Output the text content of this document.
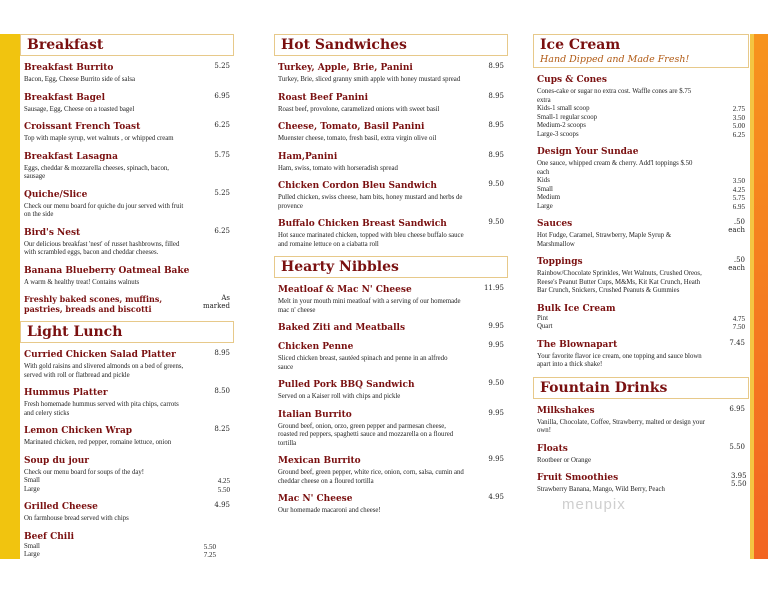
Breakfast
Breakfast Burrito	5.25
Bacon, Egg, Cheese Burrito side of salsa
Breakfast Bagel	6.95
Sausage, Egg, Cheese on a toasted bagel
Croissant French Toast	6.25
Top with maple syrup, wet walnuts , or whipped cream
Breakfast Lasagna	5.75
Eggs, cheddar & mozzarella cheeses, spinach, bacon, sausage
Quiche/Slice	5.25
Check our menu board for quiche du jour served with fruit on the side
Bird's Nest	6.25
Our delicious breakfast 'nest' of russet hashbrowns, filled with scrambled eggs, bacon and cheddar cheeses.
Banana Blueberry Oatmeal Bake
A warm & healthy treat! Contains walnuts
Freshly baked scones, muffins, pastries, breads and biscotti
As marked
Light Lunch
Curried Chicken Salad Platter	8.95
With gold raisins and slivered almonds on a bed of greens, served with roll or flatbread and pickle
Hummus Platter	8.50
Fresh homemade hummus served with pita chips, carrots and celery sticks
Lemon Chicken Wrap	8.25
Marinated chicken, red pepper, romaine lettuce, onion
Soup du jour
Check our menu board for soups of the day!
Small	4.25
Large	5.50
Grilled Cheese	4.95
On farmhouse bread served with chips
Beef Chili
Small	5.50
Large	7.25
Hot Sandwiches
Turkey, Apple, Brie, Panini	8.95
Turkey, Brie, sliced granny smith apple with honey mustard spread
Roast Beef Panini	8.95
Roast beef, provolone, caramelized onions with sweet basil
Cheese, Tomato, Basil Panini	8.95
Muenster cheese, tomato, fresh basil, extra virgin olive oil
Ham,Panini	8.95
Ham, swiss, tomato with horseradish spread
Chicken Cordon Bleu Sandwich	9.50
Pulled chicken, swiss cheese, ham bits, honey mustard and herbs de provence
Buffalo Chicken Breast Sandwich	9.50
Hot sauce marinated chicken, topped with bleu cheese buffalo sauce and romaine lettuce on a ciabatta roll
Hearty Nibbles
Meatloaf & Mac N' Cheese	11.95
Melt in your mouth mini meatloaf with a serving of our homemade mac n' cheese
Baked Ziti and Meatballs	9.95
Chicken Penne	9.95
Sliced chicken breast, sautéed spinach and penne in an alfredo sauce
Pulled Pork BBQ Sandwich	9.50
Served on a Kaiser roll with chips and pickle
Italian Burrito	9.95
Ground beef, onion, orzo, green pepper and parmesan cheese, roasted red peppers, spaghetti sauce and mozzarella on a floured tortilla
Mexican Burrito	9.95
Ground beef, green pepper, white rice, onion, corn, salsa, cumin and cheddar cheese on a floured tortilla
Mac N' Cheese	4.95
Our homemade macaroni and cheese!
Ice Cream
Hand Dipped and Made Fresh!
Cups & Cones
Cones-cake or sugar no extra cost. Waffle cones are $.75 extra
Kids-1 small scoop	2.75
Small-1 regular scoop	3.50
Medium-2 scoops	5.00
Large-3 scoops	6.25
Design Your Sundae
One sauce, whipped cream & cherry. Add'l toppings $.50 each
Kids	3.50
Small	4.25
Medium	5.75
Large	6.95
Sauces	.50 each
Hot Fudge, Caramel, Strawberry, Maple Syrup & Marshmallow
Toppings	.50 each
Rainbow/Chocolate Sprinkles, Wet Walnuts, Crushed Oreos, Reese's Peanut Butter Cups, M&Ms, Kit Kat Crunch, Heath Bar Crunch, Snickers, Crushed Peanuts & Gummies
Bulk Ice Cream
Pint	4.75
Quart	7.50
The Blownapart	7.45
Your favorite flavor ice cream, one topping and sauce blown apart into a thick shake!
Fountain Drinks
Milkshakes	6.95
Vanilla, Chocolate, Coffee, Strawberry, malted or design your own!
Floats	5.50
Rootbeer or Orange
Fruit Smoothies	3.95 5.50
Strawberry Banana, Mango, Wild Berry, Peach
menupix
